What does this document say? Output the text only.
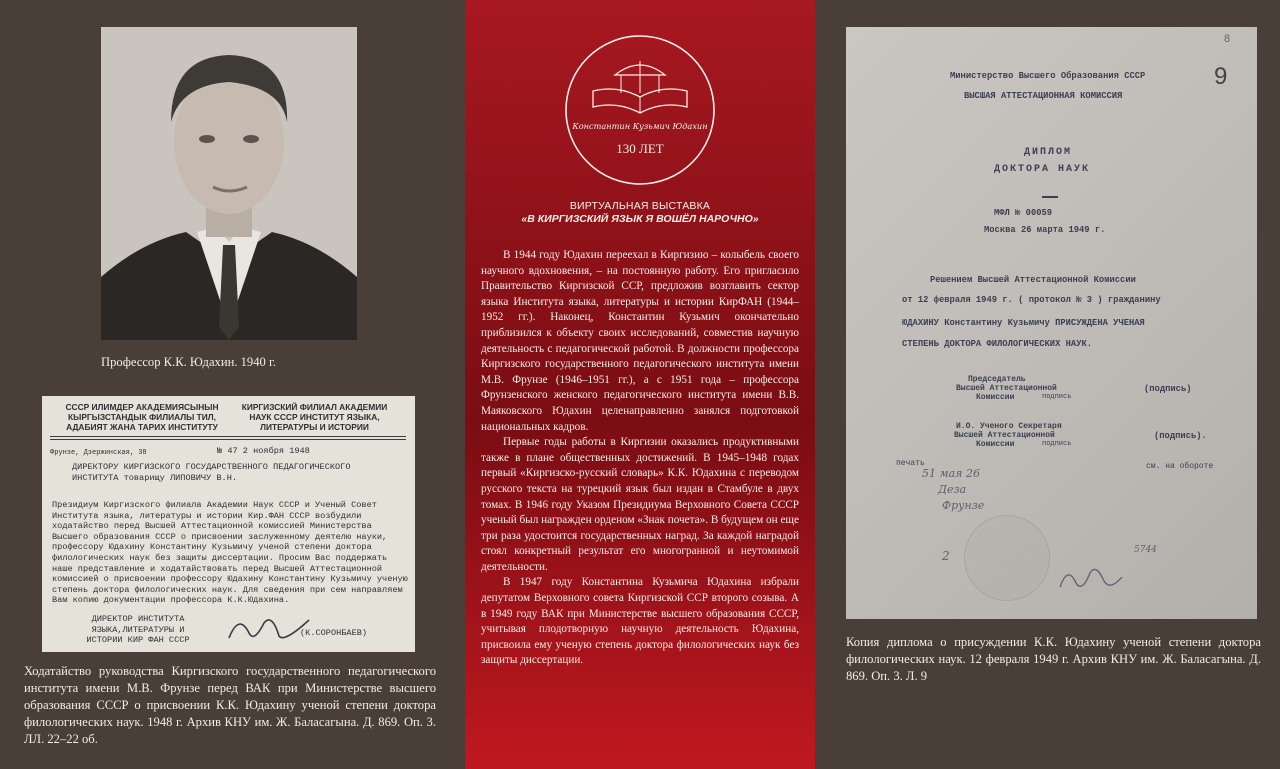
Профессор К.К. Юдахин. 1940 г.
СССР ИЛИМДЕР АКАДЕМИЯСЫНЫН КЫРГЫЗСТАНДЫК ФИЛИАЛЫ ТИЛ, АДАБИЯТ ЖАНА ТАРИХ ИНСТИТУТУ
КИРГИЗСКИЙ ФИЛИАЛ АКАДЕМИИ НАУК СССР ИНСТИТУТ ЯЗЫКА, ЛИТЕРАТУРЫ И ИСТОРИИ
Фрунзе, Дзержинская, 38	№ 47 2 ноября 1948
ДИРЕКТОРУ КИРГИЗСКОГО ГОСУДАРСТВЕННОГО ПЕДАГОГИЧЕСКОГО ИНСТИТУТА товарищу ЛИПОВИЧУ В.Н.
Президиум Киргизского филиала Академии Наук СССР и Ученый Совет Института языка, литературы и истории Кир.ФАН СССР возбудили ходатайство перед Высшей Аттестационной комиссией Министерства Высшего образования СССР о присвоении заслуженному деятелю науки, профессору Юдахину Константину Кузьмичу ученой степени доктора филологических наук без защиты диссертации. Просим Вас поддержать наше представление и ходатайствовать перед Высшей Аттестационной комиссией о присвоении профессору Юдахину Константину Кузьмичу ученую степень доктора филологических наук. Для сведения при сем направляем Вам копию документации профессора К.К.Юдахина.
ДИРЕКТОР ИНСТИТУТА ЯЗЫКА,ЛИТЕРАТУРЫ И ИСТОРИИ КИР ФАН СССР
(К.СОРОНБАЕВ)
Ходатайство руководства Киргизского государственного педагогического института имени М.В. Фрунзе перед ВАК при Министерстве высшего образования СССР о присвоении К.К. Юдахину ученой степени доктора филологических наук. 1948 г. Архив КНУ им. Ж. Баласагына. Д. 869. Оп. 3. ЛЛ. 22–22 об.
Константин Кузьмич Юдахин
130 ЛЕТ
ВИРТУАЛЬНАЯ ВЫСТАВКА
«В КИРГИЗСКИЙ ЯЗЫК Я ВОШЁЛ НАРОЧНО»

В 1944 году Юдахин переехал в Киргизию – колыбель своего научного вдохновения, – на постоянную работу. Его пригласило Правительство Киргизской ССР, предложив возглавить сектор языка Института языка, литературы и истории КирФАН (1944–1952 гг.). Наконец, Константин Кузьмич окончательно приблизился к объекту своих исследований, совместив научную деятельность с педагогической работой. В должности профессора Киргизского государственного педагогического института имени М.В. Фрунзе (1946–1951 гг.), а с 1951 года – профессора Фрунзенского женского педагогического института имени В.В. Маяковского Юдахин целенаправленно занялся подготовкой национальных кадров.

Первые годы работы в Киргизии оказались продуктивными также в плане общественных достижений. В 1945–1948 годах первый «Киргизско-русский словарь» К.К. Юдахина с переводом русского текста на турецкий язык был издан в Стамбуле в двух томах. В 1946 году Указом Президиума Верховного Совета СССР ученый был награжден орденом «Знак почета». В будущем он еще три раза удостоится государственных наград. За каждой наградой стоял конкретный результат его многогранной и неутомимой деятельности.

В 1947 году Константина Кузьмича Юдахина избрали депутатом Верховного совета Киргизской ССР второго созыва. А в 1949 году ВАК при Министерстве высшего образования СССР, учитывая плодотворную научную деятельность Юдахина, присвоила ему ученую степень доктора филологических наук без защиты диссертации.

8
9
Министерство Высшего Образования СССР
ВЫСШАЯ АТТЕСТАЦИОННАЯ КОМИССИЯ
ДИПЛОМ
ДОКТОРА НАУК
МФЛ № 00059
Москва 26 марта 1949 г.
Решением Высшей Аттестационной Комиссии
от 12 февраля 1949 г. ( протокол № 3 ) гражданину
ЮДАХИНУ Константину Кузьмичу ПРИСУЖДЕНА УЧЕНАЯ
СТЕПЕНЬ ДОКТОРА ФИЛОЛОГИЧЕСКИХ НАУК.
Председатель
Высшей Аттестационной
Комиссии	подпись
(подпись)
И.О. Ученого Секретаря
Высшей Аттестационной
Комиссии	подпись
(подпись).
печать	см. на обороте
51 мая 26
Деза
Фрунзе
2	5744
Копия диплома о присуждении К.К. Юдахину ученой степени доктора филологических наук. 12 февраля 1949 г. Архив КНУ им. Ж. Баласагына. Д. 869. Оп. 3. Л. 9
